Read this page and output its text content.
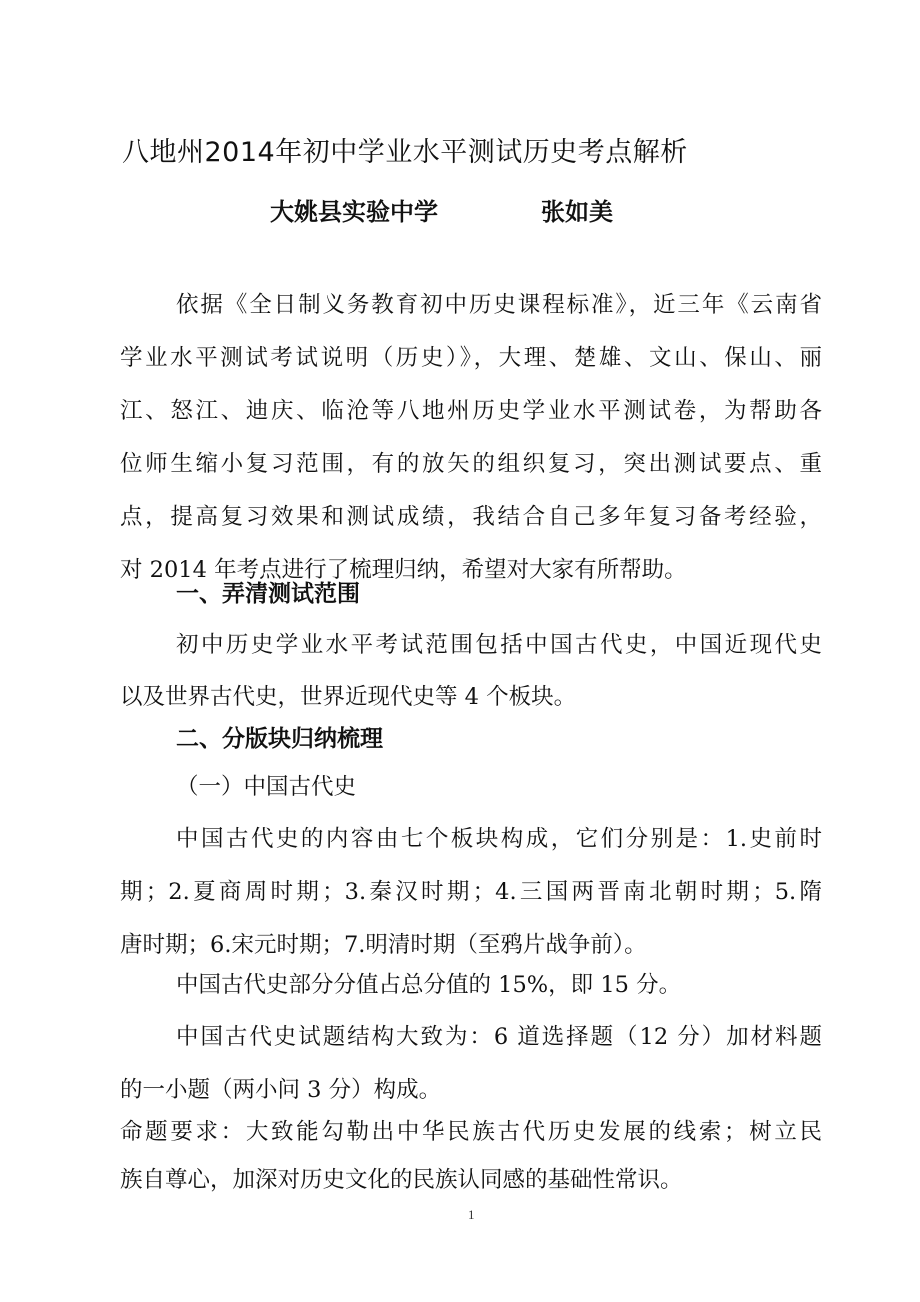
八地州2014年初中学业水平测试历史考点解析
大姚县实验中学	张如美
依据《全日制义务教育初中历史课程标准》，近三年《云南省
学业水平测试考试说明（历史）》，大理、楚雄、文山、保山、丽
江、怒江、迪庆、临沧等八地州历史学业水平测试卷，为帮助各
位师生缩小复习范围，有的放矢的组织复习，突出测试要点、重
点，提高复习效果和测试成绩，我结合自己多年复习备考经验，
对 2014 年考点进行了梳理归纳，希望对大家有所帮助。
一、弄清测试范围
初中历史学业水平考试范围包括中国古代史，中国近现代史
以及世界古代史，世界近现代史等 4 个板块。
二、分版块归纳梳理
（一）中国古代史
中国古代史的内容由七个板块构成，它们分别是：1.史前时
期；2.夏商周时期；3.秦汉时期；4.三国两晋南北朝时期；5.隋
唐时期；6.宋元时期；7.明清时期（至鸦片战争前）。
中国古代史部分分值占总分值的 15%，即 15 分。
中国古代史试题结构大致为：6 道选择题（12 分）加材料题
的一小题（两小问 3 分）构成。
命题要求：大致能勾勒出中华民族古代历史发展的线索；树立民
族自尊心，加深对历史文化的民族认同感的基础性常识。
1
